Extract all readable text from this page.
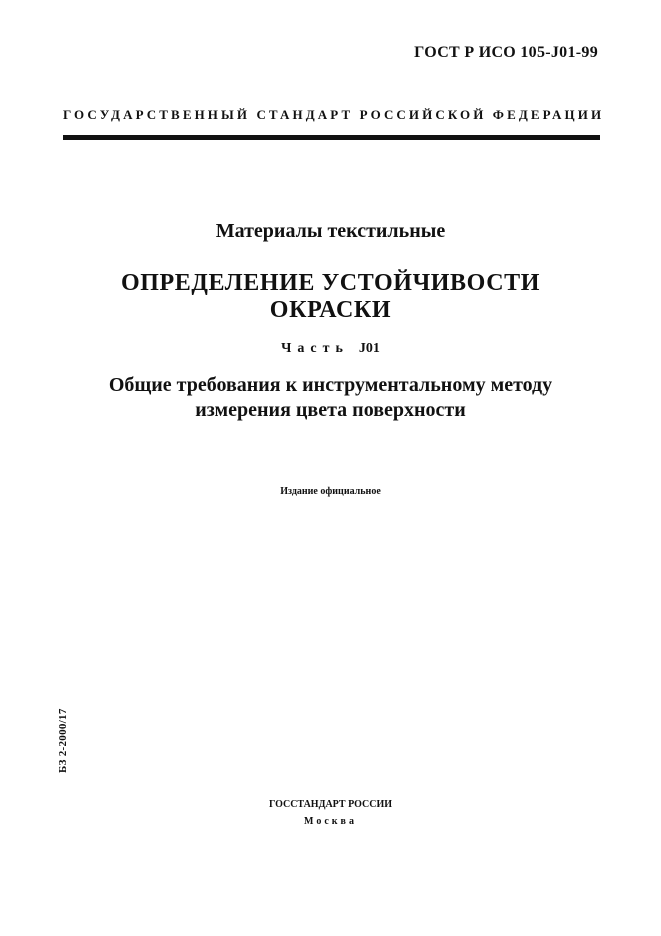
ГОСТ Р ИСО 105-J01-99
ГОСУДАРСТВЕННЫЙ СТАНДАРТ РОССИЙСКОЙ ФЕДЕРАЦИИ
Материалы текстильные
ОПРЕДЕЛЕНИЕ УСТОЙЧИВОСТИ
ОКРАСКИ
Часть J01
Общие требования к инструментальному методу
измерения цвета поверхности
Издание официальное
БЗ 2-2000/17
ГОССТАНДАРТ РОССИИ
Москва
